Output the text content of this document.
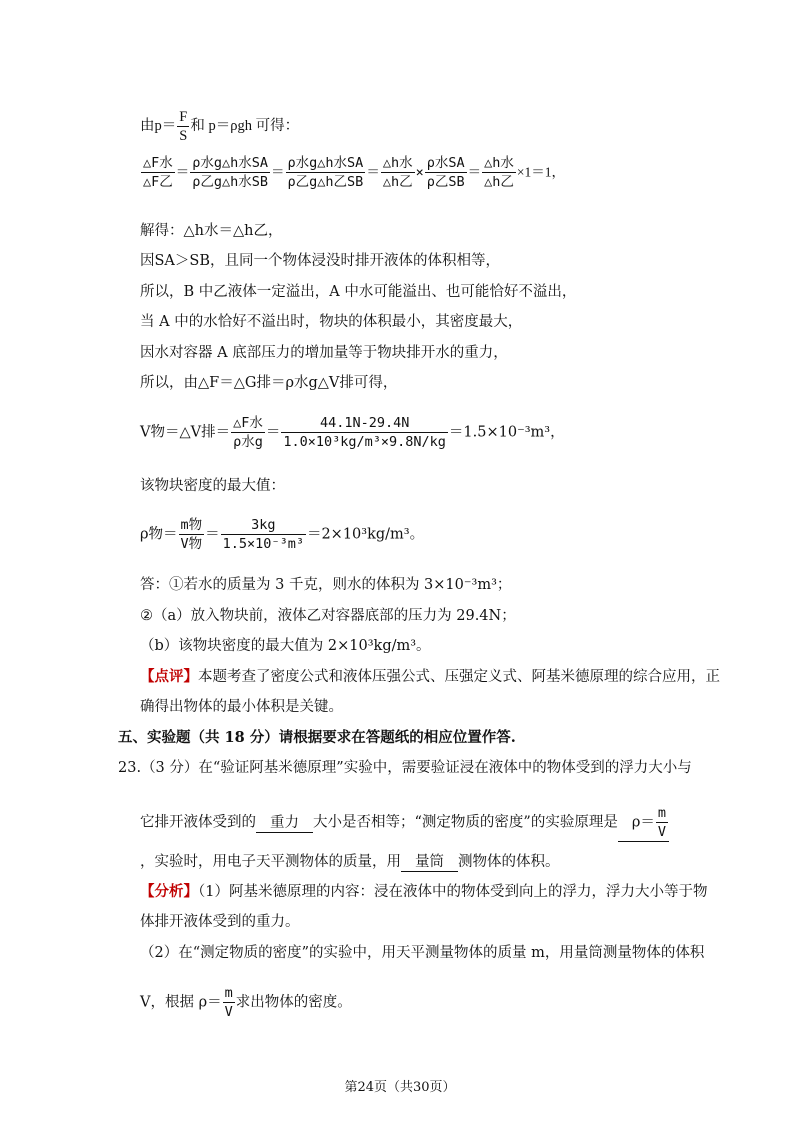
由$p= \frac{F}{S}$ 和 p＝ρgh 可得：
$\frac{\text{△F水}}{\text{△F乙}} = \frac{\text{ρ水g△h水SA}}{\text{ρ乙g△h水SB}} = \frac{\text{ρ水g△h水SA}}{\text{ρ乙g△h乙SB}} = \frac{\text{△h水}}{\text{△h乙}} \times \frac{\text{ρ水SA}}{\text{ρ乙SB}} = \frac{\text{△h水}}{\text{△h乙}} \times 1=1$，
解得：△h水＝△h乙，
因SA＞SB，且同一个物体浸没时排开液体的体积相等，
所以，B 中乙液体一定溢出，A 中水可能溢出、也可能恰好不溢出，
当 A 中的水恰好不溢出时，物块的体积最小，其密度最大，
因水对容器 A 底部压力的增加量等于物块排开水的重力，
所以，由△F＝△G排＝ρ水g△V排可得，
V物＝△V排＝ $\frac{\text{△F水}}{\text{ρ水g}} = \frac{44.1N-29.4N}{\text{1.0×10³kg/m³×9.8N/kg}} =1.5\times 10^{-3}m^3$，
该物块密度的最大值：
ρ物＝ $\frac{\text{m物}}{\text{V物}} = \frac{3kg}{\text{1.5×10⁻³m³}} =2\times 10^3kg/m^3$。
答：①若水的质量为 3 千克，则水的体积为 3×10⁻³m³；
②（a）放入物块前，液体乙对容器底部的压力为 29.4N；
（b）该物块密度的最大值为 2×10³kg/m³。
【点评】本题考查了密度公式和液体压强公式、压强定义式、阿基米德原理的综合应用，正
确得出物体的最小体积是关键。
五、实验题（共 18 分）请根据要求在答题纸的相应位置作答.
23.（3 分）在“验证阿基米德原理”实验中，需要验证浸在液体中的物体受到的浮力大小与
它排开液体受到的 重力 大小是否相等；“测定物质的密度”的实验原理是 $\rho= \frac{m}{V}$
，实验时，用电子天平测物体的质量，用 量筒 测物体的体积。
【分析】（1）阿基米德原理的内容：浸在液体中的物体受到向上的浮力，浮力大小等于物
体排开液体受到的重力。
（2）在“测定物质的密度”的实验中，用天平测量物体的质量 m，用量筒测量物体的体积
V，根据 $\rho= \frac{m}{V}$ 求出物体的密度。
第24页（共30页）
